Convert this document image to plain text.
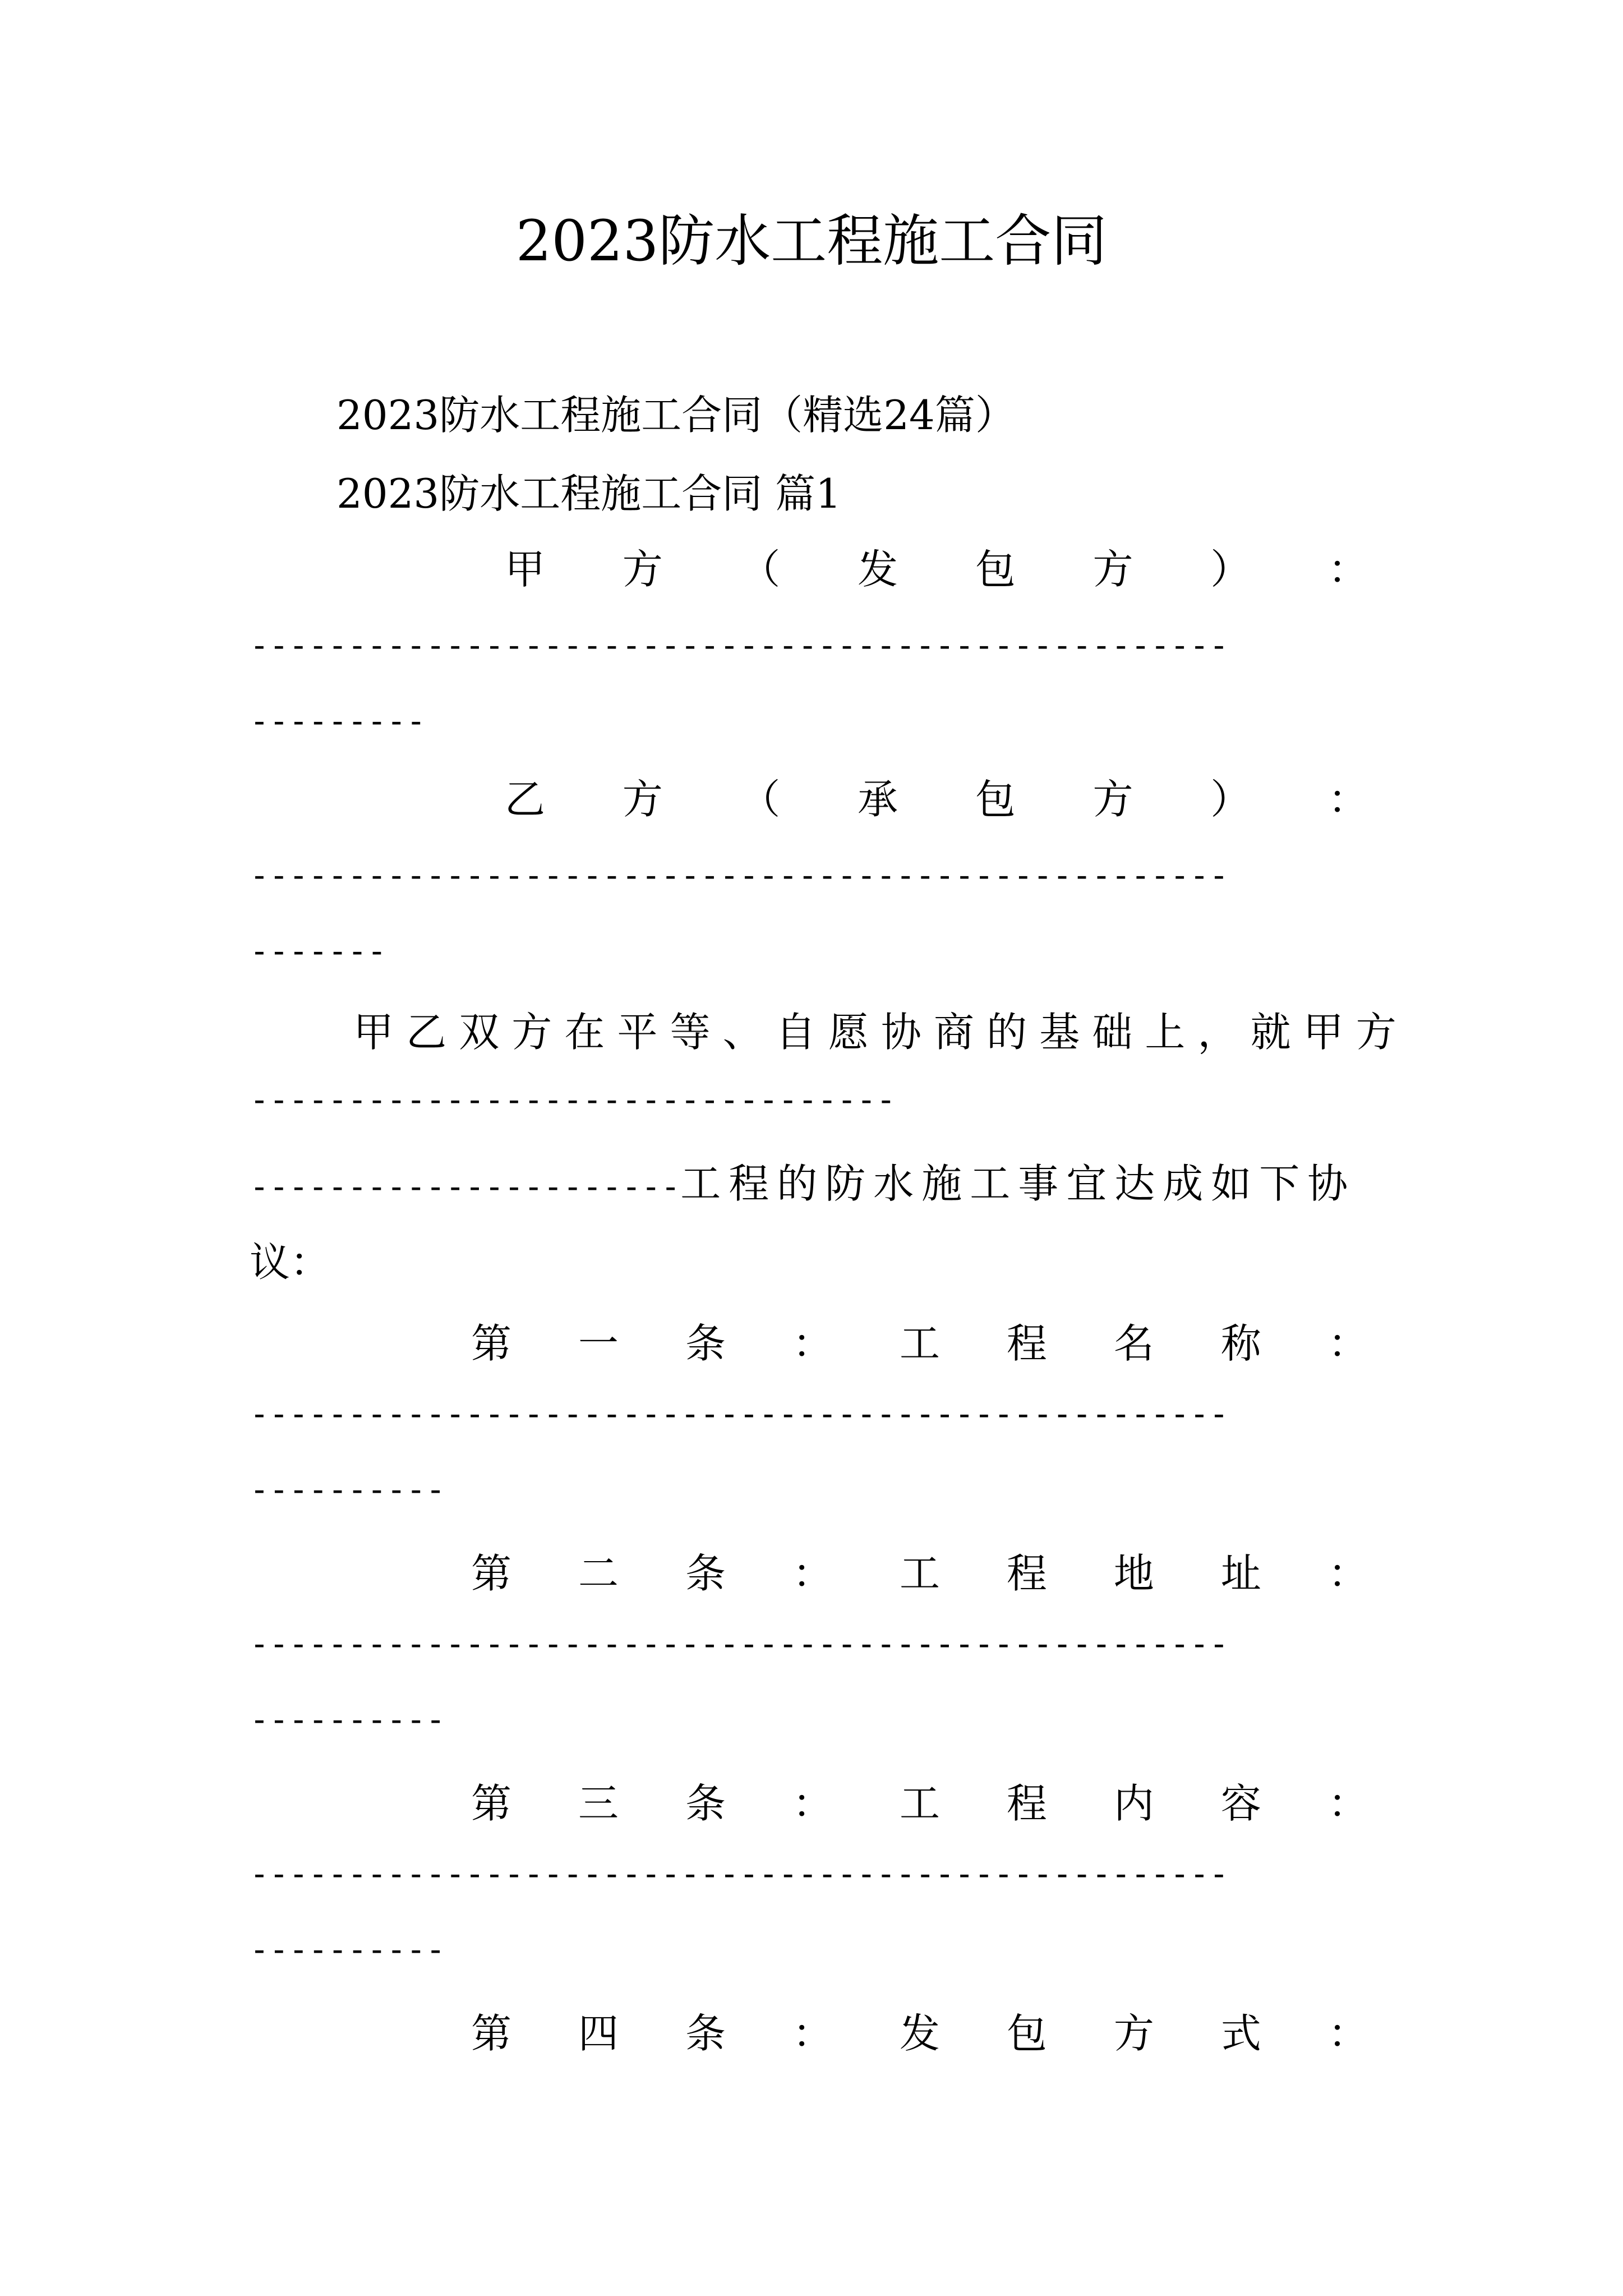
2023防水工程施工合同
2023防水工程施工合同（精选24篇）
2023防水工程施工合同 篇1
甲 方 （ 发 包 方 ） ：
--------------------------------------------------
---------
乙 方 （ 承 包 方 ） ：
--------------------------------------------------
-------
甲 乙 双 方 在 平 等 、 自 愿 协 商 的 基 础 上 ， 就 甲 方
---------------------------------
----------------------工程的防水施工事宜达成如下协
议：
第 一 条 ： 工 程 名 称 ：
--------------------------------------------------
----------
第 二 条 ： 工 程 地 址 ：
--------------------------------------------------
----------
第 三 条 ： 工 程 内 容 ：
--------------------------------------------------
----------
第 四 条 ： 发 包 方 式 ：
